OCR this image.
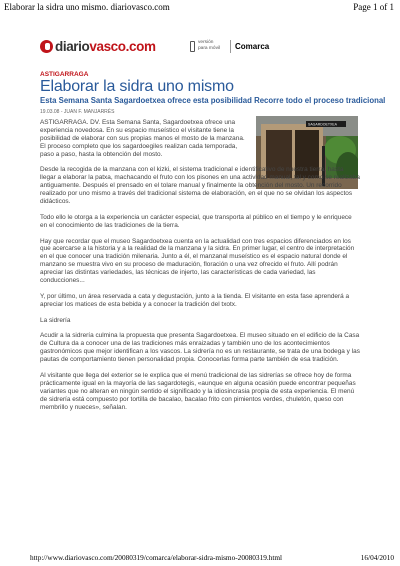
Elaborar la sidra uno mismo. diariovasco.com	Page 1 of 1
diariovasco.com	versión
para móvil	Comarca
ASTIGARRAGA
Elaborar la sidra uno mismo
Esta Semana Santa Sagardoetxea ofrece esta posibilidad Recorre todo el proceso tradicional
19.03.08 - JUAN F. MANJARRÉS
SAGARDOETXEA

ASTIGARRAGA. DV. Esta Semana Santa, Sagardoetxea ofrece una experiencia novedosa. En su espacio museístico el visitante tiene la posibilidad de elaborar con sus propias manos el mosto de la manzana. El proceso completo que los sagardoegiles realizan cada temporada, paso a paso, hasta la obtención del mosto.

Desde la recogida de la manzana con el kizki, el sistema tradicional e identificativo de nuestra tierra, hasta llegar a elaborar la patxa, machacando el fruto con los pisones en una actividad manual, tal y como se realizaba antiguamente. Después el prensado en el tolare manual y finalmente la obtención del mosto. Un recorrido realizado por uno mismo a través del tradicional sistema de elaboración, en el que no se olvidan los aspectos didácticos.

Todo ello le otorga a la experiencia un carácter especial, que transporta al público en el tiempo y le enriquece en el conocimiento de las tradiciones de la tierra.

Hay que recordar que el museo Sagardoetxea cuenta en la actualidad con tres espacios diferenciados en los que acercarse a la historia y a la realidad de la manzana y la sidra. En primer lugar, el centro de interpretación en el que conocer una tradición milenaria. Junto a él, el manzanal museístico es el espacio natural donde el manzano se muestra vivo en su proceso de maduración, floración o una vez ofrecido el fruto. Allí podrán apreciar las distintas variedades, las técnicas de injerto, las características de cada variedad, las conducciones...

Y, por último, un área reservada a cata y degustación, junto a la tienda. El visitante en esta fase aprenderá a apreciar los matices de esta bebida y a conocer la tradición del txotx.

La sidrería

Acudir a la sidrería culmina la propuesta que presenta Sagardoetxea. El museo situado en el edificio de la Casa de Cultura da a conocer una de las tradiciones más enraizadas y también uno de los acontecimientos gastronómicos que mejor identifican a los vascos. La sidrería no es un restaurante, se trata de una bodega y las pautas de comportamiento tienen personalidad propia. Conocerlas forma parte también de esa tradición.

Al visitante que llega del exterior se le explica que el menú tradicional de las sidrerías se ofrece hoy de forma prácticamente igual en la mayoría de las sagardotegis, «aunque en alguna ocasión puede encontrar pequeñas variantes que no alteran en ningún sentido el significado y la idiosincrasia propia de esta experiencia. El menú de sidrería está compuesto por tortilla de bacalao, bacalao frito con pimientos verdes, chuletón, queso con membrillo y nueces», señalan.

http://www.diariovasco.com/20080319/comarca/elaborar-sidra-mismo-20080319.html	16/04/2010
